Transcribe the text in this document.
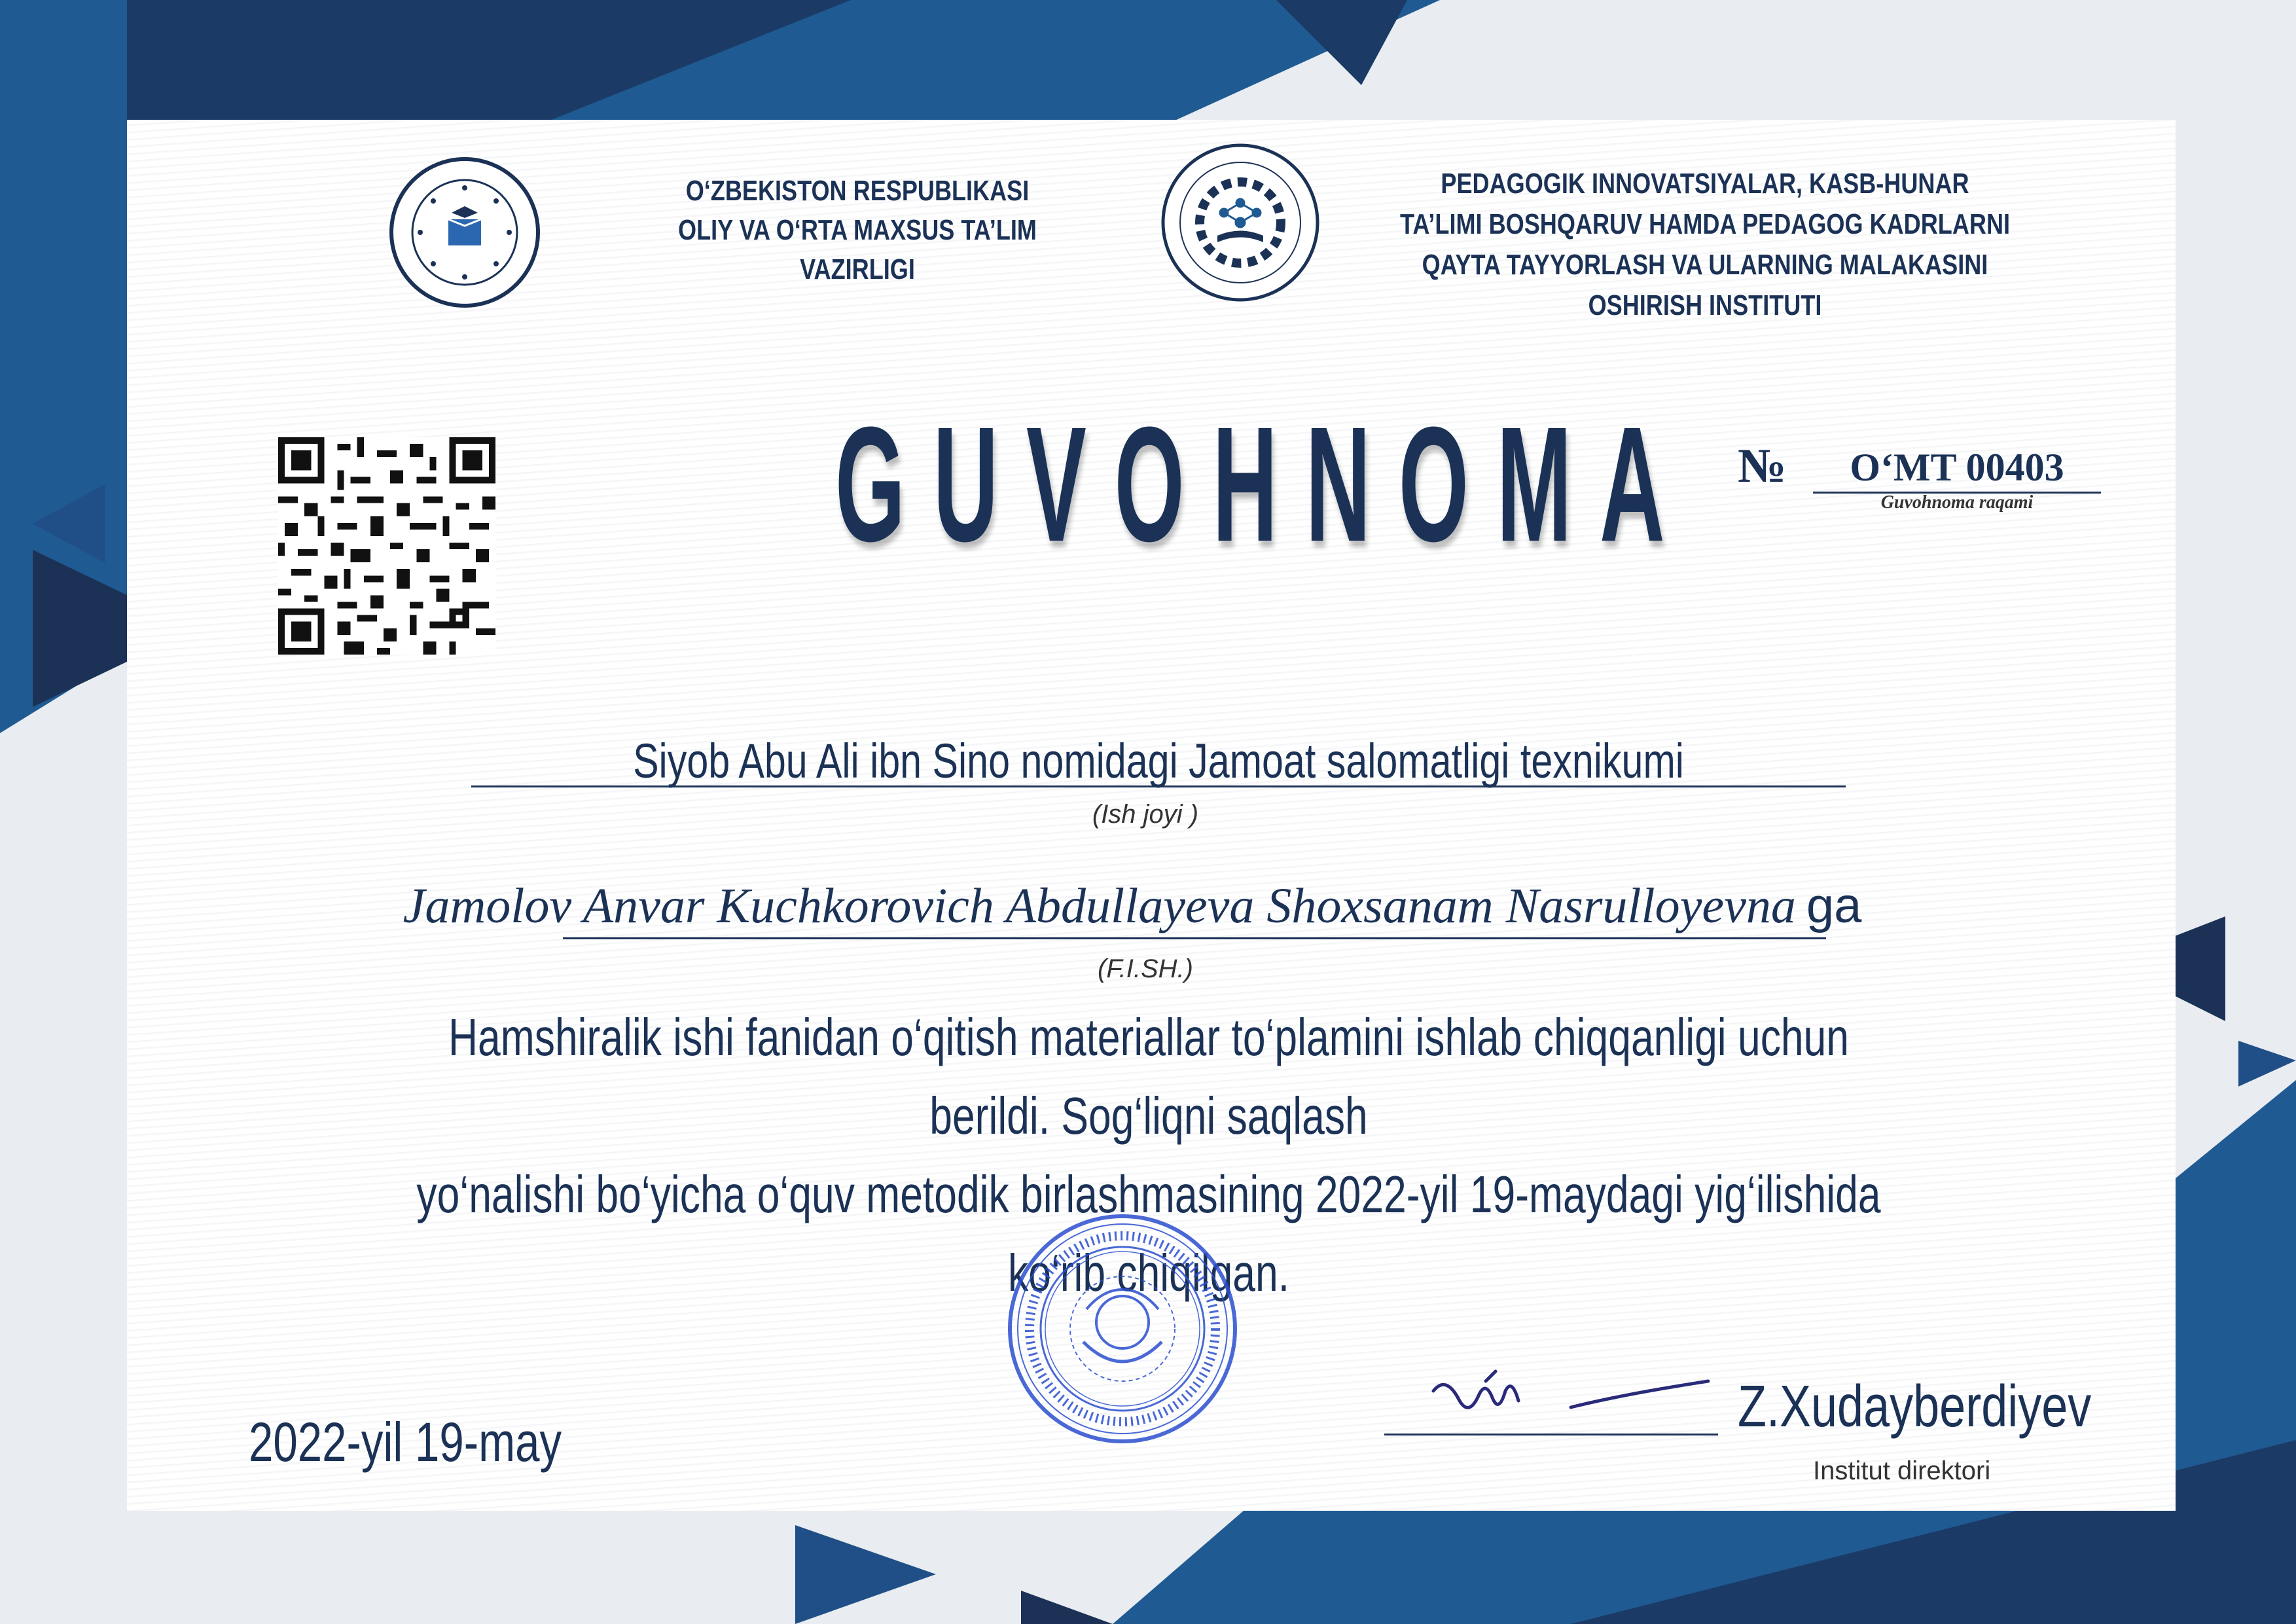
O‘ZBEKISTON RESPUBLIKASI
OLIY VA O‘RTA MAXSUS TA’LIM
VAZIRLIGI
PEDAGOGIK INNOVATSIYALAR, KASB-HUNAR
TA’LIMI BOSHQARUV HAMDA PEDAGOG KADRLARNI
QAYTA TAYYORLASH VA ULARNING MALAKASINI
OSHIRISH INSTITUTI
GUVOHNOMA №	O‘MT 00403
Guvohnoma raqami
Siyob Abu Ali ibn Sino nomidagi Jamoat salomatligi texnikumi
(Ish joyi )
Jamolov Anvar Kuchkorovich Abdullayeva Shoxsanam Nasrulloyevna ga
(F.I.SH.)
Hamshiralik ishi fanidan o‘qitish materiallar to‘plamini ishlab chiqqanligi uchun berildi. Sog‘liqni saqlash
yo‘nalishi bo‘yicha o‘quv metodik birlashmasining 2022-yil 19-maydagi yig‘ilishida ko‘rib chiqilgan.
2022-yil 19-may
Z.Xudayberdiyev
Institut direktori
